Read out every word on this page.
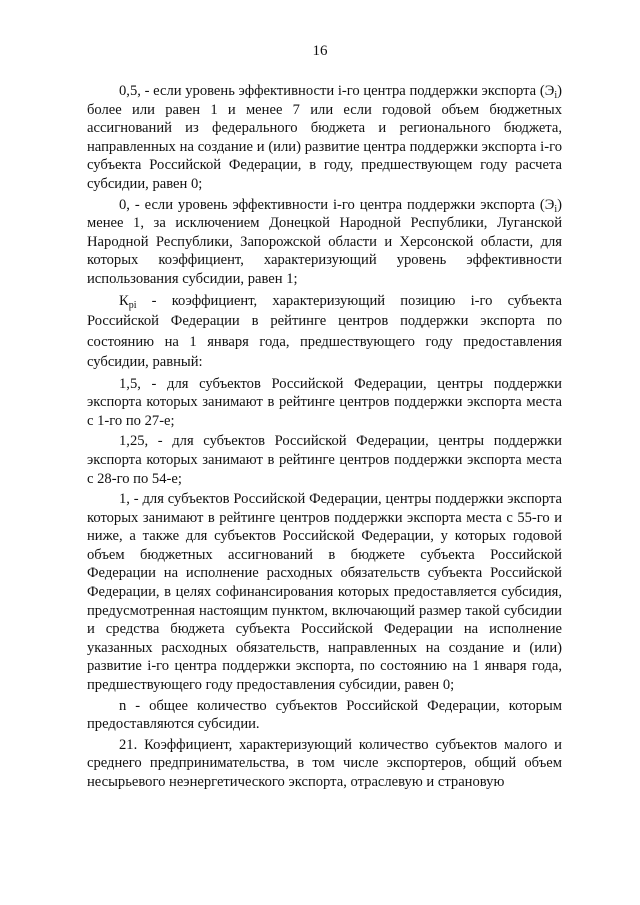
16

0,5, - если уровень эффективности i-го центра поддержки экспорта $(Э_i)$ более или равен 1 и менее 7 или если годовой объем бюджетных ассигнований из федерального бюджета и регионального бюджета, направленных на создание и (или) развитие центра поддержки экспорта i-го субъекта Российской Федерации, в году, предшествующем году расчета субсидии, равен 0;

0, - если уровень эффективности i-го центра поддержки экспорта $(Э_i)$ менее 1, за исключением Донецкой Народной Республики, Луганской Народной Республики, Запорожской области и Херсонской области, для которых коэффициент, характеризующий уровень эффективности использования субсидии, равен 1;

$К_{pi}$ - коэффициент, характеризующий позицию i-го субъекта Российской Федерации в рейтинге центров поддержки экспорта по состоянию на 1 января года, предшествующего году предоставления субсидии, равный:

1,5, - для субъектов Российской Федерации, центры поддержки экспорта которых занимают в рейтинге центров поддержки экспорта места с 1-го по 27-е;

1,25, - для субъектов Российской Федерации, центры поддержки экспорта которых занимают в рейтинге центров поддержки экспорта места с 28-го по 54-е;

1, - для субъектов Российской Федерации, центры поддержки экспорта которых занимают в рейтинге центров поддержки экспорта места с 55-го и ниже, а также для субъектов Российской Федерации, у которых годовой объем бюджетных ассигнований в бюджете субъекта Российской Федерации на исполнение расходных обязательств субъекта Российской Федерации, в целях софинансирования которых предоставляется субсидия, предусмотренная настоящим пунктом, включающий размер такой субсидии и средства бюджета субъекта Российской Федерации на исполнение указанных расходных обязательств, направленных на создание и (или) развитие i-го центра поддержки экспорта, по состоянию на 1 января года, предшествующего году предоставления субсидии, равен 0;

n - общее количество субъектов Российской Федерации, которым предоставляются субсидии.

21. Коэффициент, характеризующий количество субъектов малого и среднего предпринимательства, в том числе экспортеров, общий объем несырьевого неэнергетического экспорта, отраслевую и страновую
